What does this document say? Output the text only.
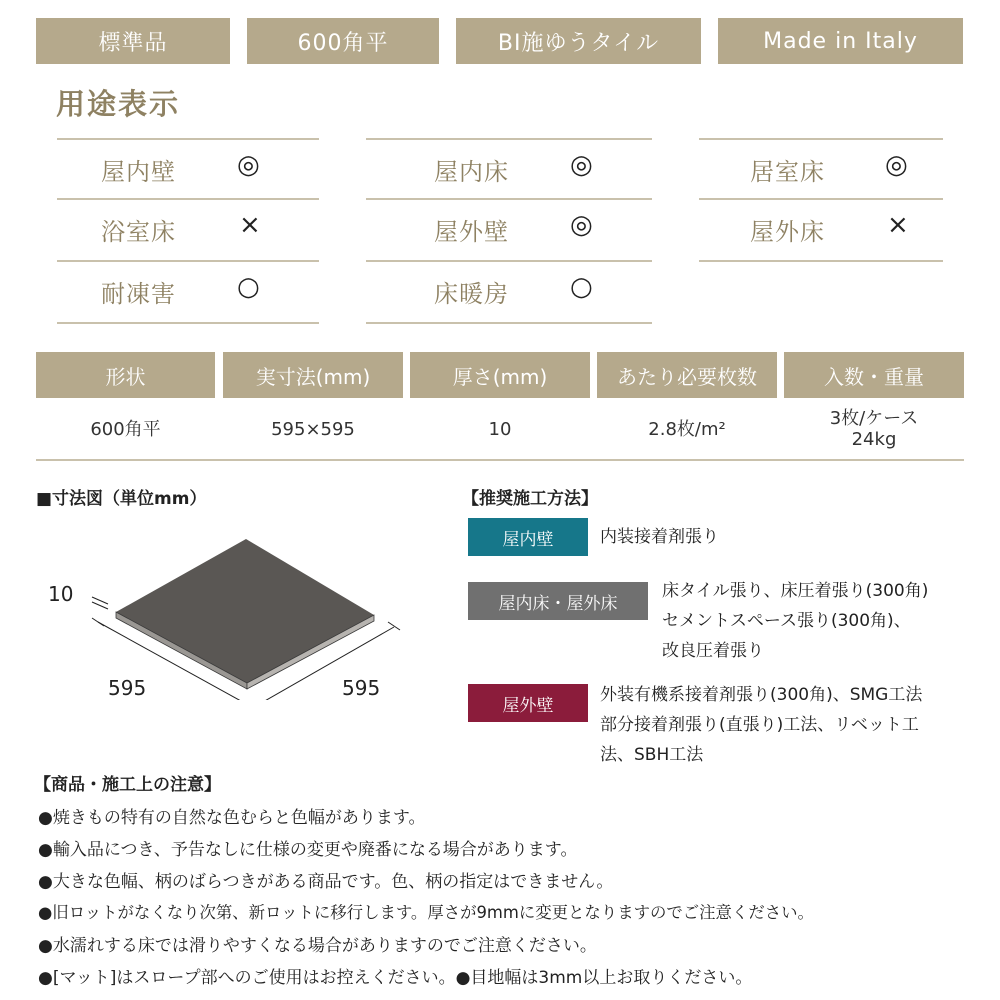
標準品	600角平	BI施ゆうタイル	Made in Italy
用途表示
屋内壁 ◎
浴室床 ×
耐凍害 ○
屋内床 ◎
屋外壁 ◎
床暖房 ○
居室床 ◎
屋外床 ×
形状	実寸法(mm)	厚さ(mm)	あたり必要枚数	入数・重量
600角平	595×595	10	2.8枚/m²	3枚/ケース
24kg
■寸法図（単位mm）
10
595	595
【推奨施工方法】
屋内壁	内装接着剤張り
屋内床・屋外床
床タイル張り、床圧着張り(300角)
セメントスペース張り(300角)、
改良圧着張り
屋外壁
外装有機系接着剤張り(300角)、SMG工法
部分接着剤張り(直張り)工法、リベット工
法、SBH工法
【商品・施工上の注意】
●焼きもの特有の自然な色むらと色幅があります。
●輸入品につき、予告なしに仕様の変更や廃番になる場合があります。
●大きな色幅、柄のばらつきがある商品です。色、柄の指定はできません。
●旧ロットがなくなり次第、新ロットに移行します。厚さが9mmに変更となりますのでご注意ください。
●水濡れする床では滑りやすくなる場合がありますのでご注意ください。
●[マット]はスロープ部へのご使用はお控えください。●目地幅は3mm以上お取りください。
